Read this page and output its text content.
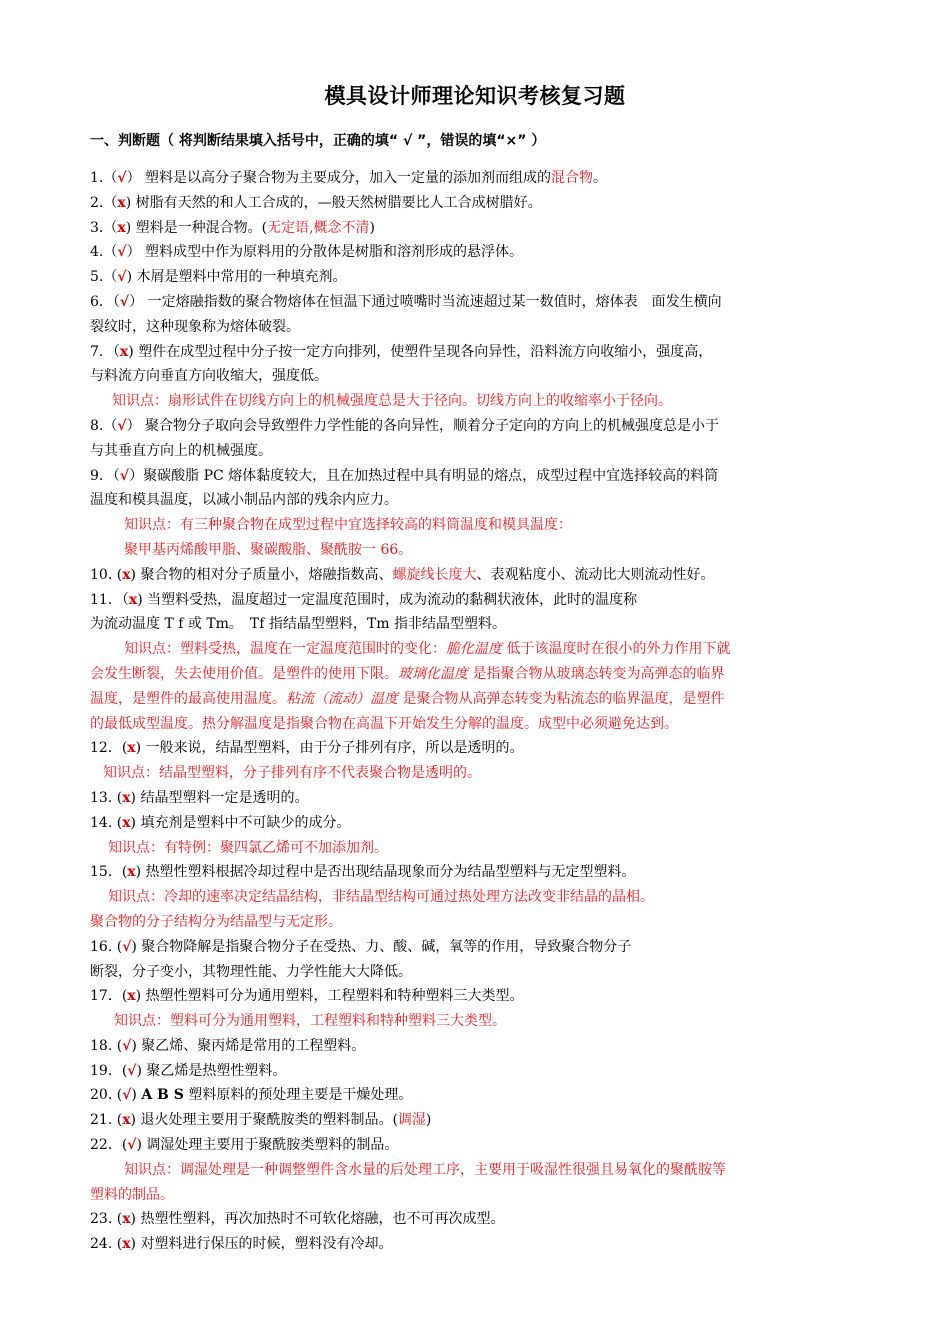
模具设计师理论知识考核复习题
一、判断题（ 将判断结果填入括号中，正确的填“ √ ”，错误的填“×” ）

1.（√） 塑料是以高分子聚合物为主要成分，加入一定量的添加剂而组成的混合物。

2.（x) 树脂有天然的和人工合成的，—般天然树腊要比人工合成树腊好。

3.（x) 塑料是一种混合物。(无定语,概念不清)

4.（√） 塑料成型中作为原料用的分散体是树脂和溶剂形成的悬浮体。

5.（√) 木屑是塑料中常用的一种填充剂。

6．（√） 一定熔融指数的聚合物熔体在恒温下通过喷嘴时当流速超过某一数值时，熔体表　面发生横向

裂纹时，这种现象称为熔体破裂。

7．（x) 塑件在成型过程中分子按一定方向排列，使塑件呈现各向异性，沿料流方向收缩小，强度高，

与料流方向垂直方向收缩大，强度低。

知识点：扇形试件在切线方向上的机械强度总是大于径向。切线方向上的收缩率小于径向。

8.（√） 聚合物分子取向会导致塑件力学性能的各向异性，顺着分子定向的方向上的机械强度总是小于

与其垂直方向上的机械强度。

9．（√）聚碳酸脂 PC 熔体黏度较大，且在加热过程中具有明显的熔点，成型过程中宜选择较高的料筒

温度和模具温度，以减小制品内部的残余内应力。

知识点：有三种聚合物在成型过程中宜选择较高的料筒温度和模具温度：

聚甲基丙烯酸甲脂、聚碳酸脂、聚酰胺一 66。

10. (x) 聚合物的相对分子质量小，熔融指数高、螺旋线长度大、表观粘度小、流动比大则流动性好。

11．（x) 当塑料受热，温度超过一定温度范围时，成为流动的黏稠状液体，此时的温度称

为流动温度 T f 或 Tm。　Tf 指结晶型塑料，Tm 指非结晶型塑料。

知识点：塑料受热，温度在一定温度范围时的变化：脆化温度 低于该温度时在很小的外力作用下就

会发生断裂，失去使用价值。是塑件的使用下限。玻璃化温度 是指聚合物从玻璃态转变为高弹态的临界

温度，是塑件的最高使用温度。粘流（流动）温度 是聚合物从高弹态转变为粘流态的临界温度，是塑件

的最低成型温度。热分解温度是指聚合物在高温下开始发生分解的温度。成型中必须避免达到。

12．(x) 一般来说，结晶型塑料，由于分子排列有序，所以是透明的。

知识点：结晶型塑料，分子排列有序不代表聚合物是透明的。

13. (x) 结晶型塑料一定是透明的。

14. (x) 填充剂是塑料中不可缺少的成分。

知识点：有特例：聚四氯乙烯可不加添加剂。

15．(x) 热塑性塑料根据冷却过程中是否出现结晶现象而分为结晶型塑料与无定型塑料。

知识点：冷却的速率决定结晶结构，非结晶型结构可通过热处理方法改变非结晶的晶相。

聚合物的分子结构分为结晶型与无定形。

16. (√) 聚合物降解是指聚合物分子在受热、力、酸、碱，氧等的作用，导致聚合物分子

断裂，分子变小，其物理性能、力学性能大大降低。

17．(x) 热塑性塑料可分为通用塑料，工程塑料和特种塑料三大类型。

知识点：塑料可分为通用塑料，工程塑料和特种塑料三大类型。

18. (√) 聚乙烯、聚丙烯是常用的工程塑料。

19．(√) 聚乙烯是热塑性塑料。

20. (√) A B S 塑料原料的预处理主要是干燥处理。

21. (x) 退火处理主要用于聚酰胺类的塑料制品。(调湿)

22．(√) 调湿处理主要用于聚酰胺类塑料的制品。

知识点：调湿处理是一种调整塑件含水量的后处理工序，主要用于吸湿性很强且易氧化的聚酰胺等

塑料的制品。

23. (x) 热塑性塑料，再次加热时不可软化熔融，也不可再次成型。

24. (x) 对塑料进行保压的时候，塑料没有冷却。
